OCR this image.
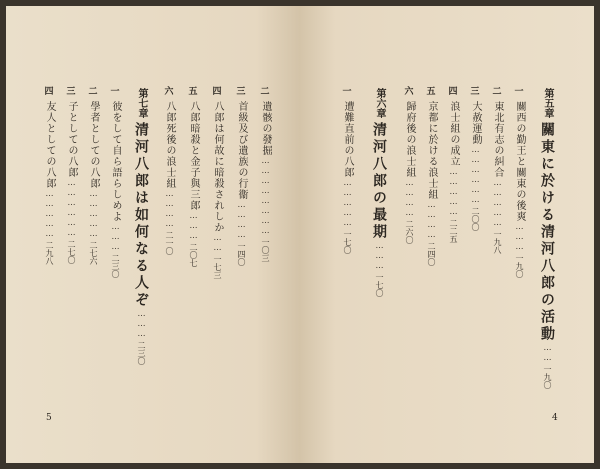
二
遺骸の發掘
……………………
一〇三
三
首級及び遺族の行衞
…………
一四〇
四
八郎は何故に暗殺されしか
……
一七三
五
八郎暗殺と金子與三郎
………
二〇七
六
八郎死後の浪士組
…………
二一〇
第七章
清河八郎は如何なる人ぞ
………
二三〇
一
彼をして自ら語らしめよ
………
二三〇
二
學者としての八郎
……………
二七六
三
子としての八郎
………………
二七〇
四
友人としての八郎
……………
二九八
5
第五章
關東に於ける清河八郎の活動
……
一九〇
一
關西の勤王と關東の後爽
………
一九〇
二
東北有志の糾合
……………
一九八
三
大赦運動
………………
二〇〇
四
浪士組の成立
……………
二二五
五
京都に於ける浪士組
…………
二四〇
六
歸府後の浪士組
…………
二六〇
第六章
清河八郎の最期
………
一七〇
一
遭難直前の八郎
……………
一七〇
4
